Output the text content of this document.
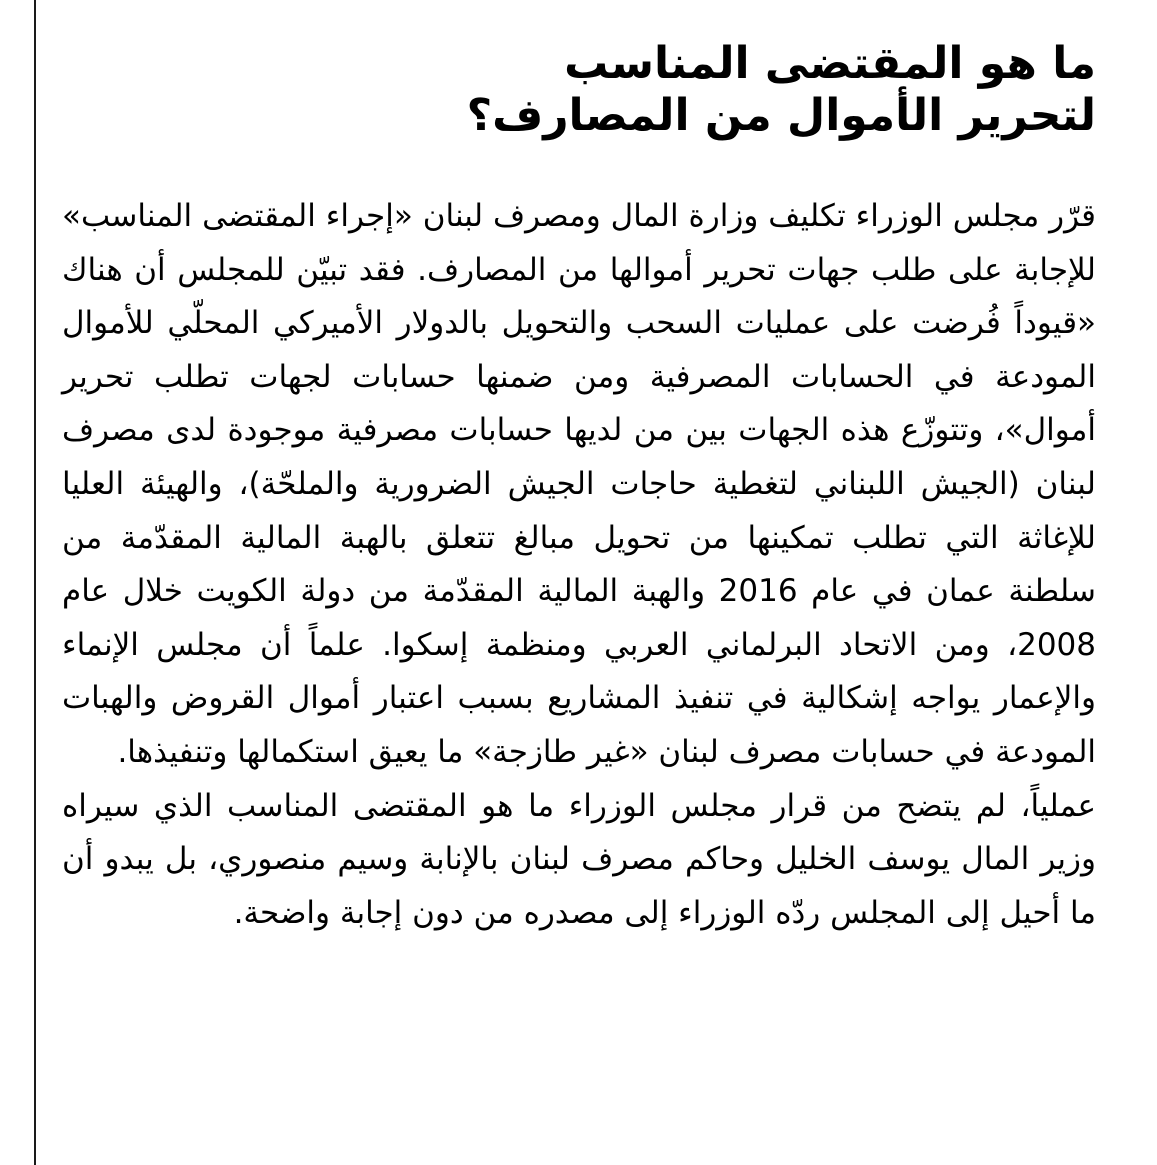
ما هو المقتضى المناسب
لتحرير الأموال من المصارف؟

قرّر مجلس الوزراء تكليف وزارة المال ومصرف لبنان «إجراء المقتضى المناسب» للإجابة على طلب جهات تحرير أموالها من المصارف. فقد تبيّن للمجلس أن هناك «قيوداً فُرضت على عمليات السحب والتحويل بالدولار الأميركي المحلّي للأموال المودعة في الحسابات المصرفية ومن ضمنها حسابات لجهات تطلب تحرير أموال»، وتتوزّع هذه الجهات بين من لديها حسابات مصرفية موجودة لدى مصرف لبنان (الجيش اللبناني لتغطية حاجات الجيش الضرورية والملحّة)، والهيئة العليا للإغاثة التي تطلب تمكينها من تحويل مبالغ تتعلق بالهبة المالية المقدّمة من سلطنة عمان في عام 2016 والهبة المالية المقدّمة من دولة الكويت خلال عام 2008، ومن الاتحاد البرلماني العربي ومنظمة إسكوا. علماً أن مجلس الإنماء والإعمار يواجه إشكالية في تنفيذ المشاريع بسبب اعتبار أموال القروض والهبات المودعة في حسابات مصرف لبنان «غير طازجة» ما يعيق استكمالها وتنفيذها.

عملياً، لم يتضح من قرار مجلس الوزراء ما هو المقتضى المناسب الذي سيراه وزير المال يوسف الخليل وحاكم مصرف لبنان بالإنابة وسيم منصوري، بل يبدو أن ما أحيل إلى المجلس ردّه الوزراء إلى مصدره من دون إجابة واضحة.
